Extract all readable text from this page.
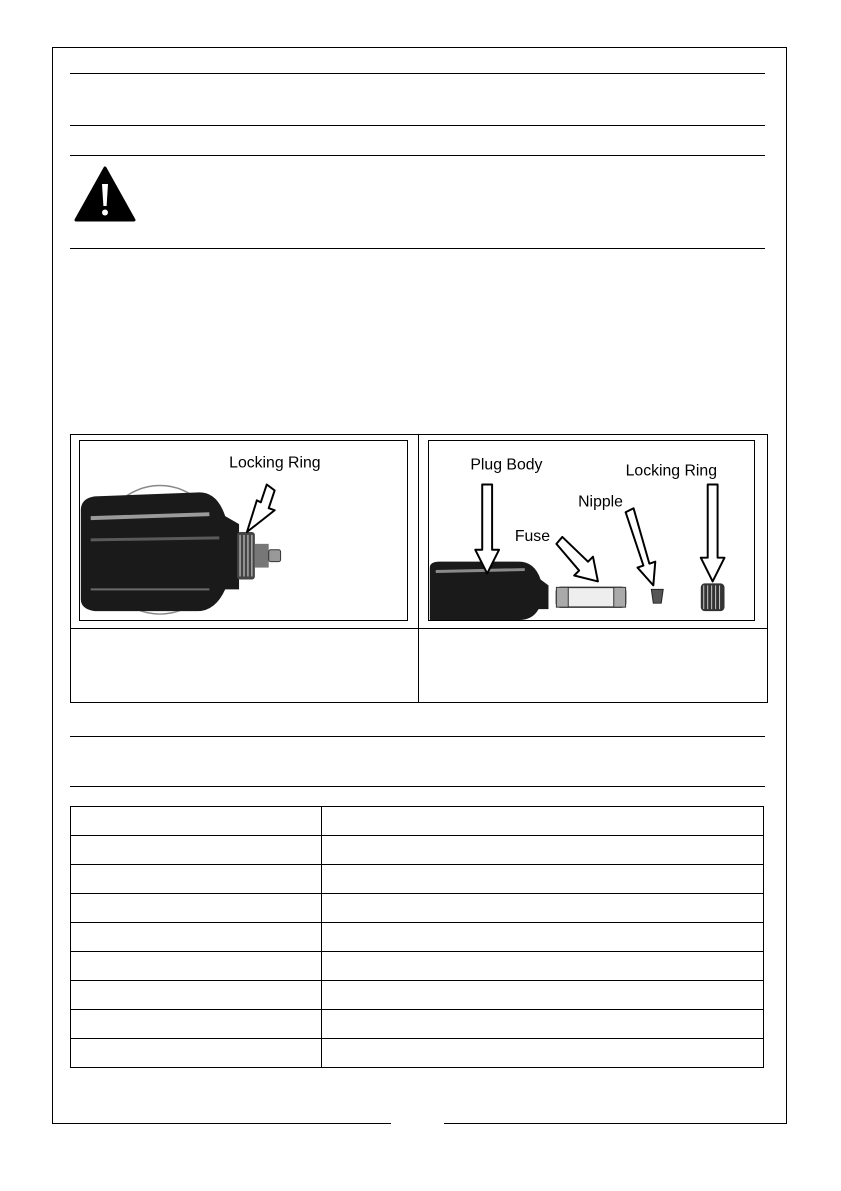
Locking Ring	Plug Body
Fuse
Nipple
Locking Ring
